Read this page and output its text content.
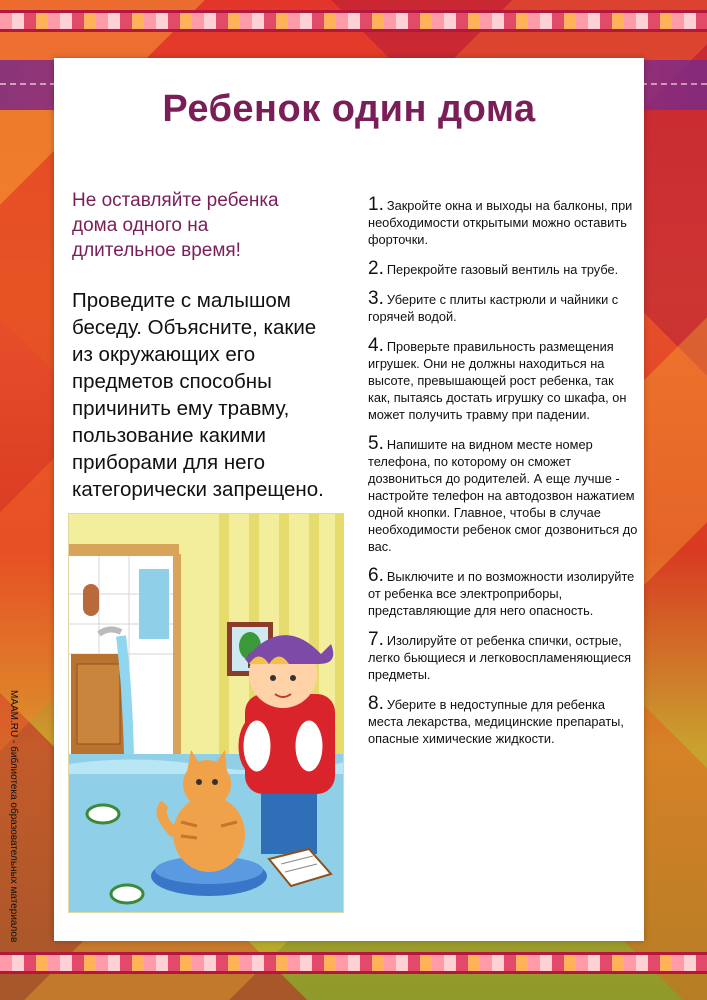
Ребенок один дома

Не оставляйте ребенка дома одного на длительное время!

Проведите с малышом беседу. Объясните, какие из окружающих его предметов способны причинить ему травму, пользование какими приборами для него категорически запрещено.

1. Закройте окна и выходы на балконы, при необходимости открытыми можно оставить форточки.
2. Перекройте газовый вентиль на трубе.
3. Уберите с плиты кастрюли и чайники с горячей водой.
4. Проверьте правильность размещения игрушек. Они не должны находиться на высоте, превышающей рост ребенка, так как, пытаясь достать игрушку со шкафа, он может получить травму при падении.
5. Напишите на видном месте номер телефона, по которому он сможет дозвониться до родителей. А еще лучше - настройте телефон на автодозвон нажатием одной кнопки. Главное, чтобы в случае необходимости ребенок смог дозвониться до вас.
6. Выключите и по возможности изолируйте от ребенка все электроприборы, представляющие для него опасность.
7. Изолируйте от ребенка спички, острые, легко бьющиеся и легковоспламеняющиеся предметы.
8. Уберите в недоступные для ребенка места лекарства, медицинские препараты, опасные химические жидкости.
MAAM.RU - библиотека образовательных материалов
